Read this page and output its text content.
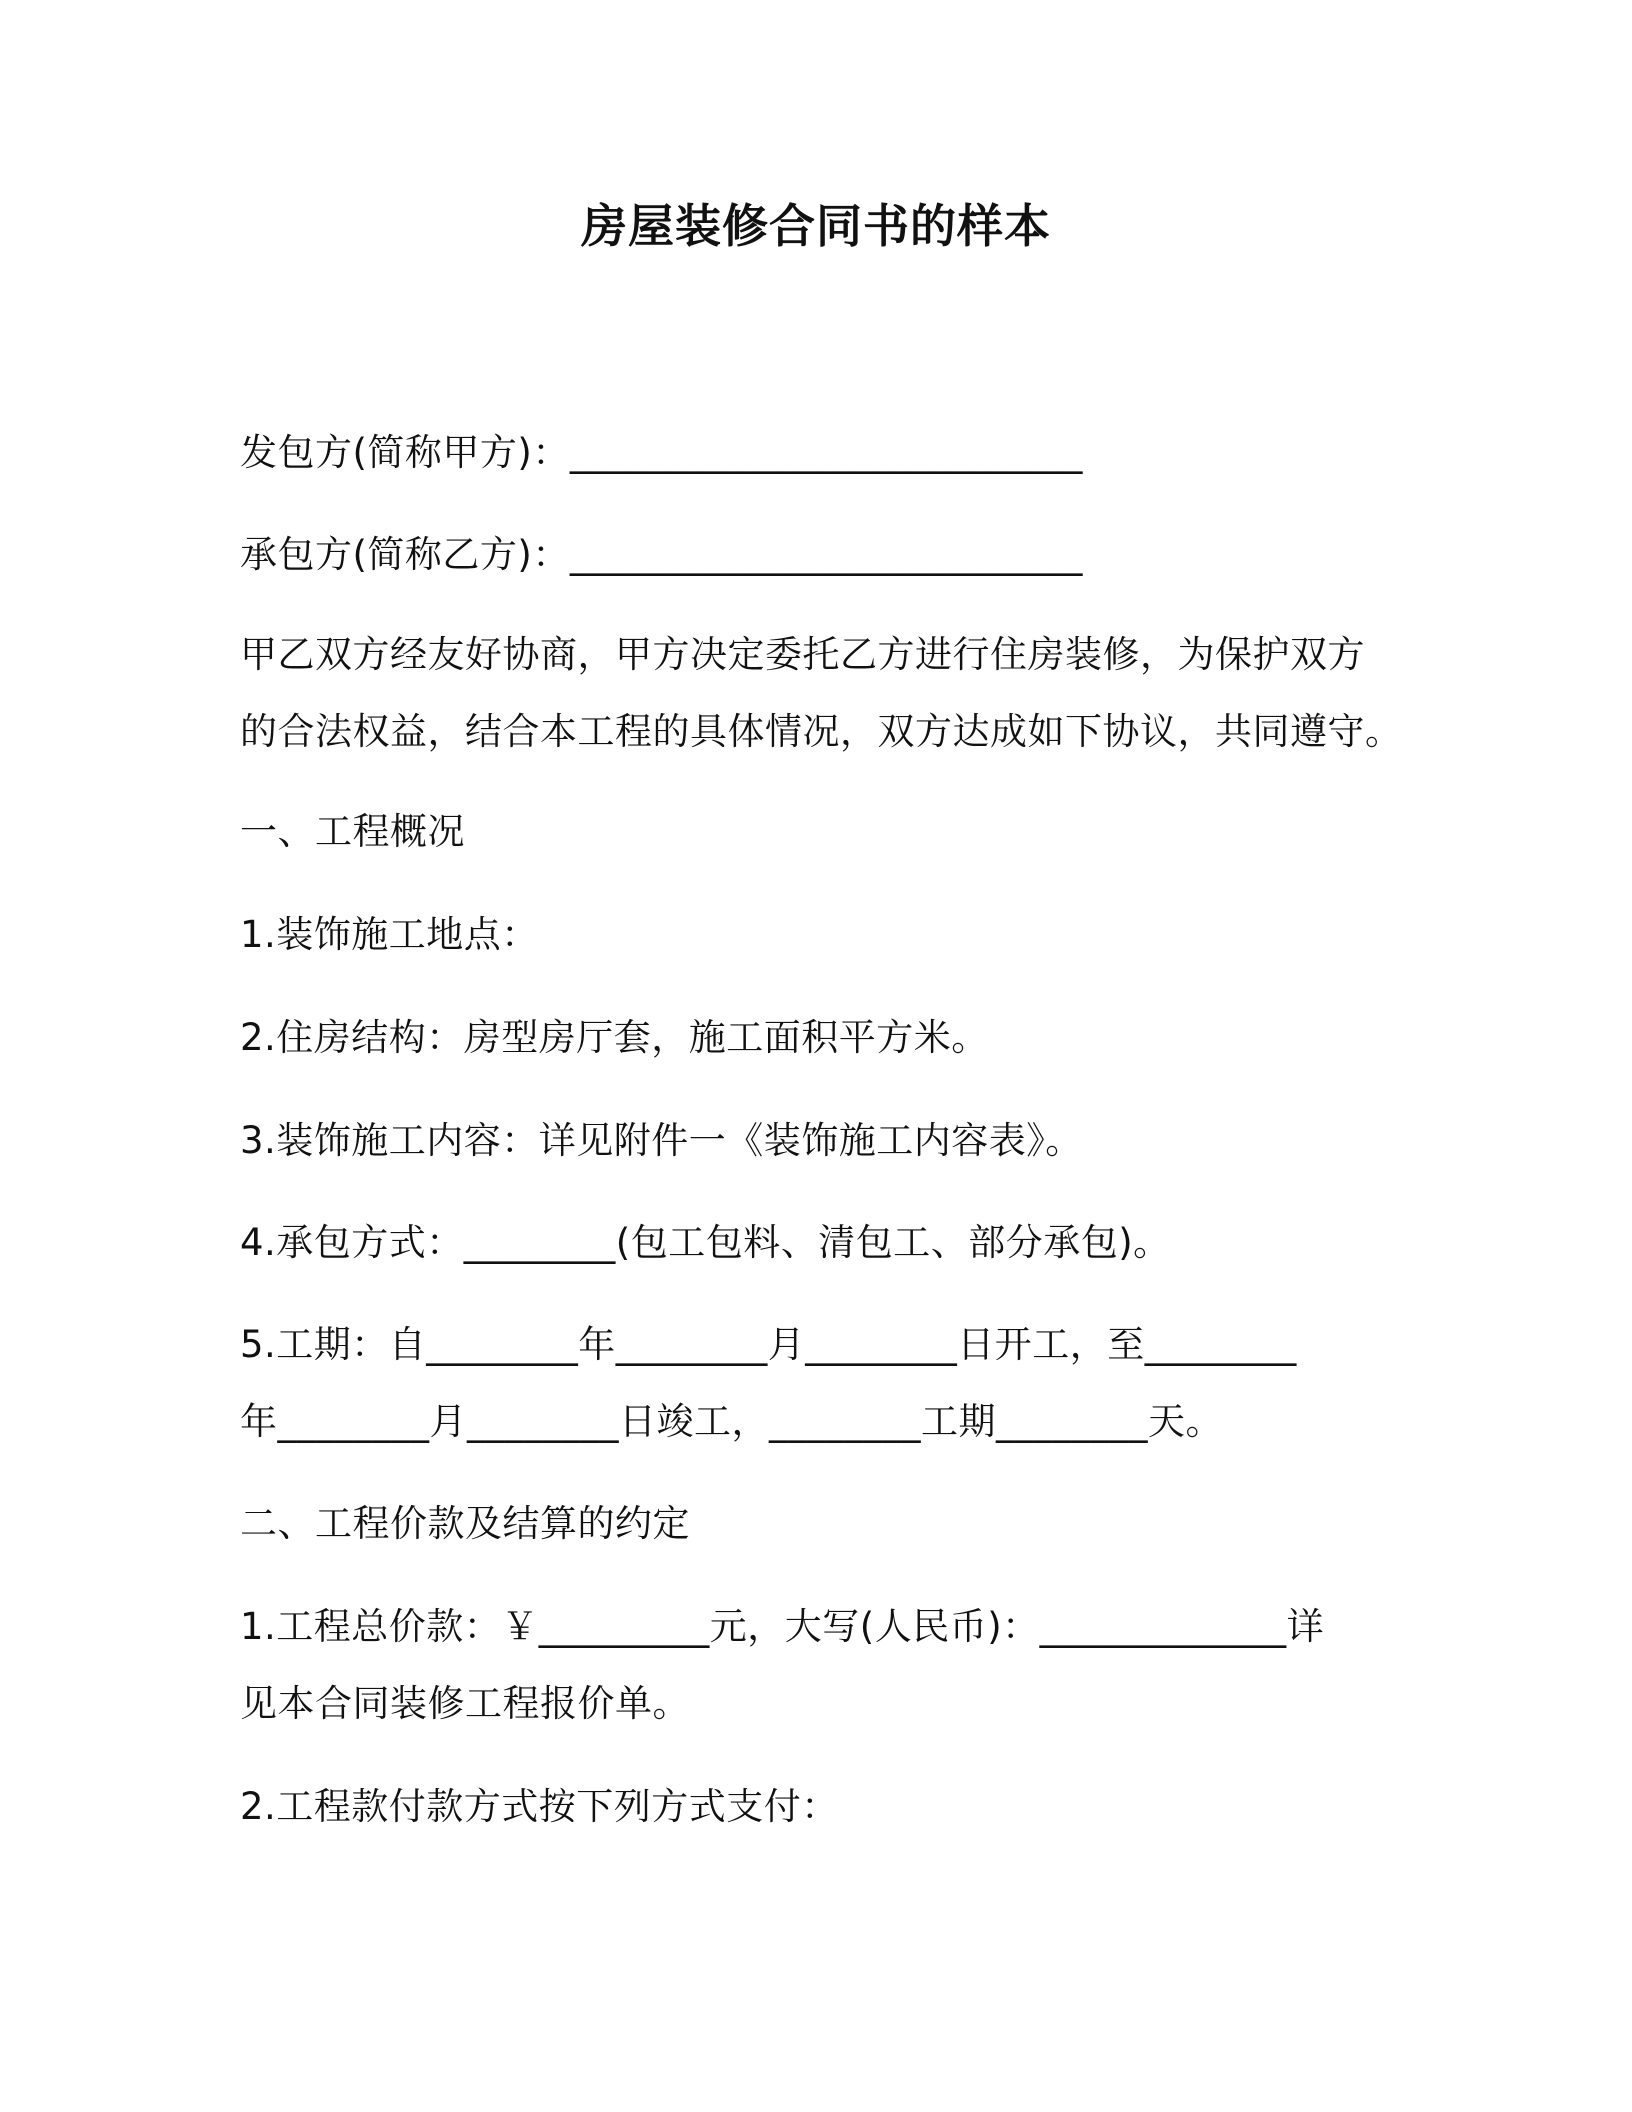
房屋装修合同书的样本
发包方(简称甲方)：___________________________
承包方(简称乙方)：___________________________
甲乙双方经友好协商，甲方决定委托乙方进行住房装修，为保护双方
的合法权益，结合本工程的具体情况，双方达成如下协议，共同遵守。
一、工程概况
1.装饰施工地点：
2.住房结构：房型房厅套，施工面积平方米。
3.装饰施工内容：详见附件一《装饰施工内容表》。
4.承包方式：________(包工包料、清包工、部分承包)。
5.工期：自________年________月________日开工，至________
年________月________日竣工，________工期________天。
二、工程价款及结算的约定
1.工程总价款：￥_________元，大写(人民币)：_____________详
见本合同装修工程报价单。
2.工程款付款方式按下列方式支付：
